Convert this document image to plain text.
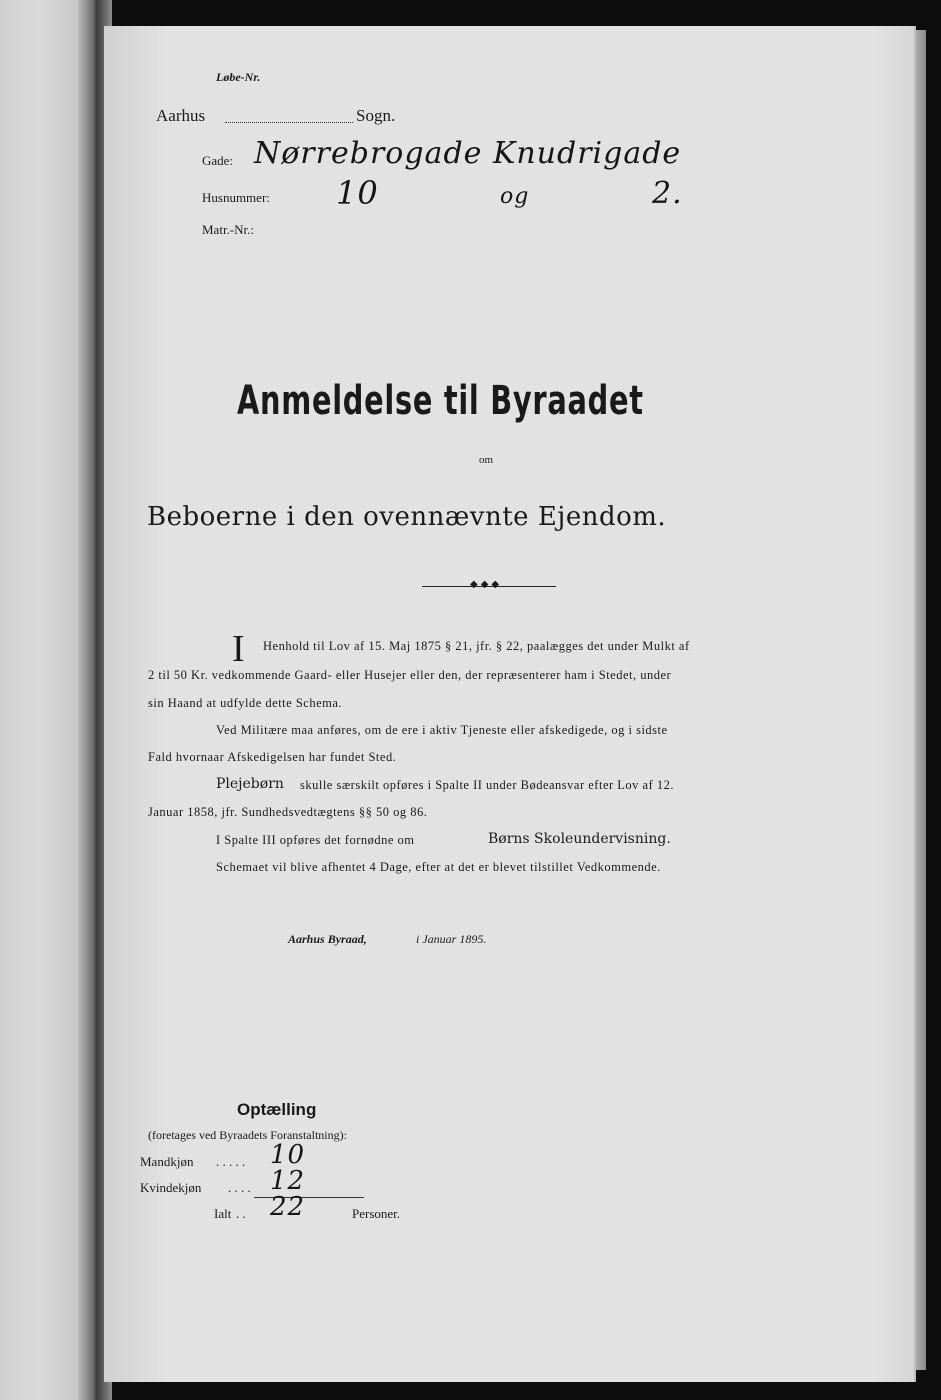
Løbe-Nr.
Aarhus	Sogn.
Gade: Nørrebrogade Knudrigade
Husnummer: 10	og	2.
Matr.-Nr.:
Anmeldelse til Byraadet
om
Beboerne i den ovennævnte Ejendom.
◆◆◆
I Henhold til Lov af 15. Maj 1875 § 21, jfr. § 22, paalægges det under Mulkt af
2 til 50 Kr. vedkommende Gaard- eller Husejer eller den, der repræsenterer ham i Stedet, under
sin Haand at udfylde dette Schema.
Ved Militære maa anføres, om de ere i aktiv Tjeneste eller afskedigede, og i sidste
Fald hvornaar Afskedigelsen har fundet Sted.
Plejebørn skulle særskilt opføres i Spalte II under Bødeansvar efter Lov af 12.
Januar 1858, jfr. Sundhedsvedtægtens §§ 50 og 86.
I Spalte III opføres det fornødne om	Børns Skoleundervisning.
Schemaet vil blive afhentet 4 Dage, efter at det er blevet tilstillet Vedkommende.
Aarhus Byraad,	i Januar 1895.
Optælling
(foretages ved Byraadets Foranstaltning):
Mandkjøn . . . . . 10
Kvindekjøn . . . . 12
Ialt . . 22	Personer.
